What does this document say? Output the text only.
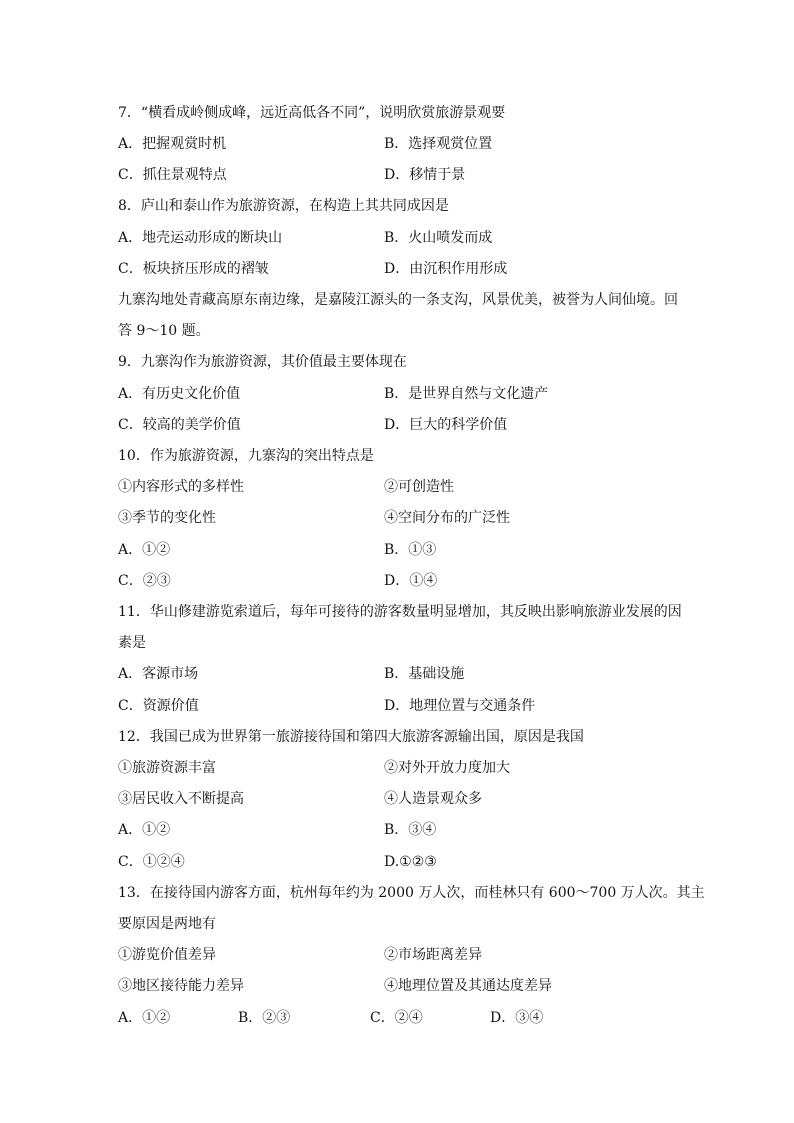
7．“横看成岭侧成峰，远近高低各不同”，说明欣赏旅游景观要
A．把握观赏时机	B．选择观赏位置
C．抓住景观特点	D．移情于景
8．庐山和泰山作为旅游资源，在构造上其共同成因是
A．地壳运动形成的断块山	B．火山喷发而成
C．板块挤压形成的褶皱	D．由沉积作用形成
九寨沟地处青藏高原东南边缘，是嘉陵江源头的一条支沟，风景优美，被誉为人间仙境。回
答 9～10 题。
9．九寨沟作为旅游资源，其价值最主要体现在
A．有历史文化价值	B．是世界自然与文化遗产
C．较高的美学价值	D．巨大的科学价值
10．作为旅游资源，九寨沟的突出特点是
①内容形式的多样性	②可创造性
③季节的变化性	④空间分布的广泛性
A．①②	B．①③
C．②③	D．①④
11．华山修建游览索道后，每年可接待的游客数量明显增加，其反映出影响旅游业发展的因
素是
A．客源市场	B．基础设施
C．资源价值	D．地理位置与交通条件
12．我国已成为世界第一旅游接待国和第四大旅游客源输出国，原因是我国
①旅游资源丰富	②对外开放力度加大
③居民收入不断提高	④人造景观众多
A．①②	B．③④
C．①②④	D.①②③
13．在接待国内游客方面，杭州每年约为 2000 万人次，而桂林只有 600～700 万人次。其主
要原因是两地有
①游览价值差异	②市场距离差异
③地区接待能力差异	④地理位置及其通达度差异
A．①②	B．②③	C．②④	D．③④
